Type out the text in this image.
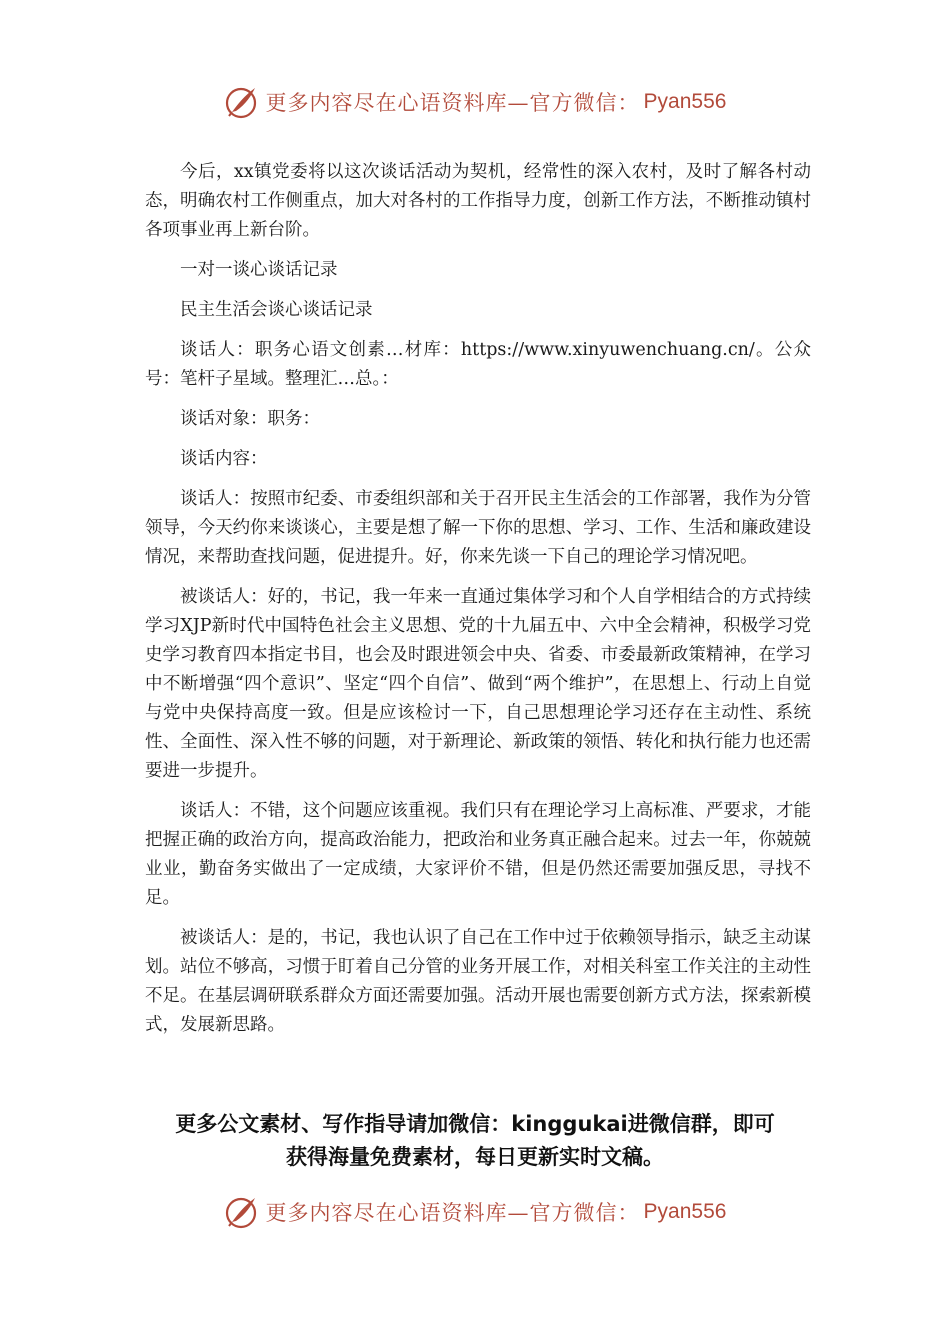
更多内容尽在心语资料库—官方微信： Pyan556

今后，xx镇党委将以这次谈话活动为契机，经常性的深入农村，及时了解各村动态，明确农村工作侧重点，加大对各村的工作指导力度，创新工作方法，不断推动镇村各项事业再上新台阶。

一对一谈心谈话记录

民主生活会谈心谈话记录

谈话人：职务心语文创素…材库：https://www.xinyuwenchuang.cn/。公众号：笔杆子星域。整理汇…总。：

谈话对象：职务：

谈话内容：

谈话人：按照市纪委、市委组织部和关于召开民主生活会的工作部署，我作为分管领导，今天约你来谈谈心，主要是想了解一下你的思想、学习、工作、生活和廉政建设情况，来帮助查找问题，促进提升。好，你来先谈一下自己的理论学习情况吧。

被谈话人：好的，书记，我一年来一直通过集体学习和个人自学相结合的方式持续学习XJP新时代中国特色社会主义思想、党的十九届五中、六中全会精神，积极学习党史学习教育四本指定书目，也会及时跟进领会中央、省委、市委最新政策精神，在学习中不断增强“四个意识”、坚定“四个自信”、做到“两个维护”，在思想上、行动上自觉与党中央保持高度一致。但是应该检讨一下，自己思想理论学习还存在主动性、系统性、全面性、深入性不够的问题，对于新理论、新政策的领悟、转化和执行能力也还需要进一步提升。

谈话人：不错，这个问题应该重视。我们只有在理论学习上高标准、严要求，才能把握正确的政治方向，提高政治能力，把政治和业务真正融合起来。过去一年，你兢兢业业，勤奋务实做出了一定成绩，大家评价不错，但是仍然还需要加强反思，寻找不足。

被谈话人：是的，书记，我也认识了自己在工作中过于依赖领导指示，缺乏主动谋划。站位不够高，习惯于盯着自己分管的业务开展工作，对相关科室工作关注的主动性不足。在基层调研联系群众方面还需要加强。活动开展也需要创新方式方法，探索新模式，发展新思路。

更多公文素材、写作指导请加微信：kinggukai进微信群，即可
获得海量免费素材，每日更新实时文稿。
更多内容尽在心语资料库—官方微信： Pyan556
